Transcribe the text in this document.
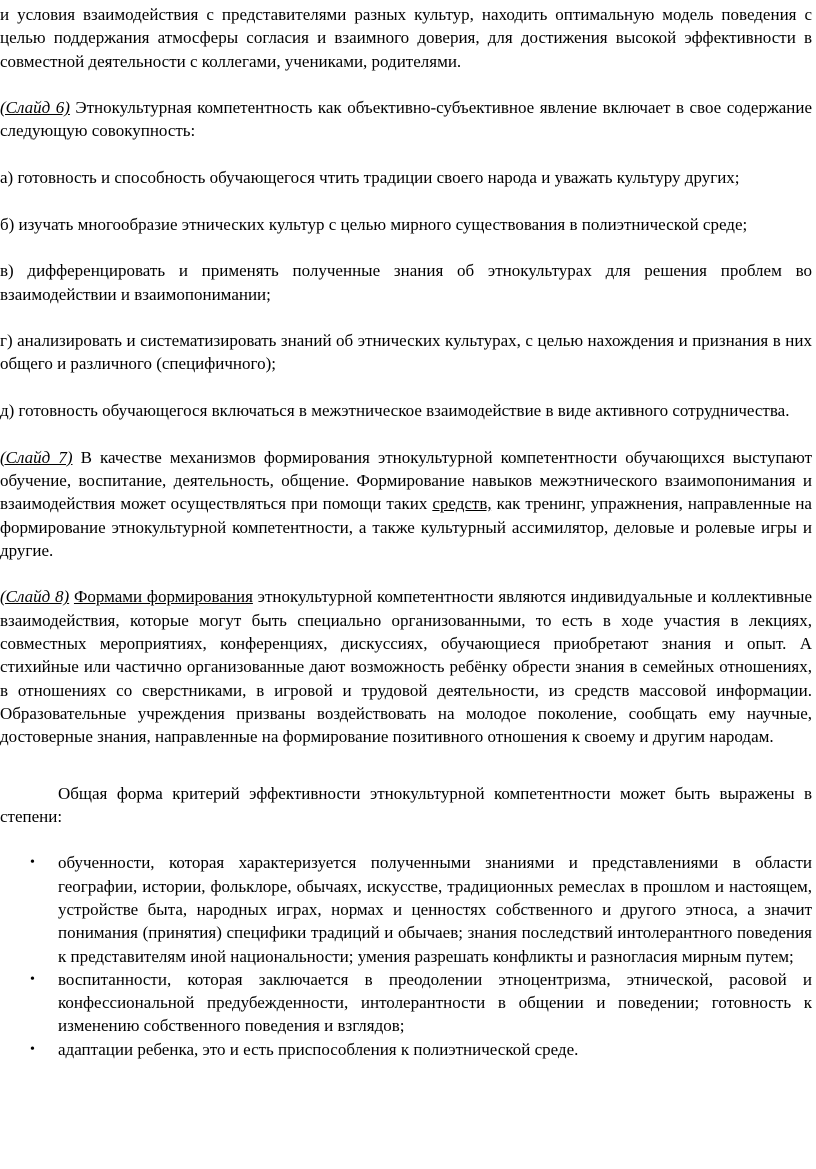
и условия взаимодействия с представителями разных культур, находить оптимальную модель поведения с целью поддержания атмосферы согласия и взаимного доверия, для достижения высокой эффективности в совместной деятельности с коллегами, учениками, родителями.

(Слайд 6) Этнокультурная компетентность как объективно-субъективное явление включает в свое содержание следующую совокупность:

а) готовность и способность обучающегося чтить традиции своего народа и уважать культуру других;

б) изучать многообразие этнических культур с целью мирного существования в полиэтнической среде;

в) дифференцировать и применять полученные знания об этнокультурах для решения проблем во взаимодействии и взаимопонимании;

г) анализировать и систематизировать знаний об этнических культурах, с целью нахождения и признания в них общего и различного (специфичного);

д) готовность обучающегося включаться в межэтническое взаимодействие в виде активного сотрудничества.

(Слайд 7) В качестве механизмов формирования этнокультурной компетентности обучающихся выступают обучение, воспитание, деятельность, общение. Формирование навыков межэтнического взаимопонимания и взаимодействия может осуществляться при помощи таких средств, как тренинг, упражнения, направленные на формирование этнокультурной компетентности, а также культурный ассимилятор, деловые и ролевые игры и другие.

(Слайд 8) Формами формирования этнокультурной компетентности являются индивидуальные и коллективные взаимодействия, которые могут быть специально организованными, то есть в ходе участия в лекциях, совместных мероприятиях, конференциях, дискуссиях, обучающиеся приобретают знания и опыт. А стихийные или частично организованные дают возможность ребёнку обрести знания в семейных отношениях, в отношениях со сверстниками, в игровой и трудовой деятельности, из средств массовой информации. Образовательные учреждения призваны воздействовать на молодое поколение, сообщать ему научные, достоверные знания, направленные на формирование позитивного отношения к своему и другим народам.

Общая форма критерий эффективности этнокультурной компетентности может быть выражены в степени:

• обученности, которая характеризуется полученными знаниями и представлениями в области географии, истории, фольклоре, обычаях, искусстве, традиционных ремеслах в прошлом и настоящем, устройстве быта, народных играх, нормах и ценностях собственного и другого этноса, а значит понимания (принятия) специфики традиций и обычаев; знания последствий интолерантного поведения к представителям иной национальности; умения разрешать конфликты и разногласия мирным путем;
• воспитанности, которая заключается в преодолении этноцентризма, этнической, расовой и конфессиональной предубежденности, интолерантности в общении и поведении; готовность к изменению собственного поведения и взглядов;
• адаптации ребенка, это и есть приспособления к полиэтнической среде.
